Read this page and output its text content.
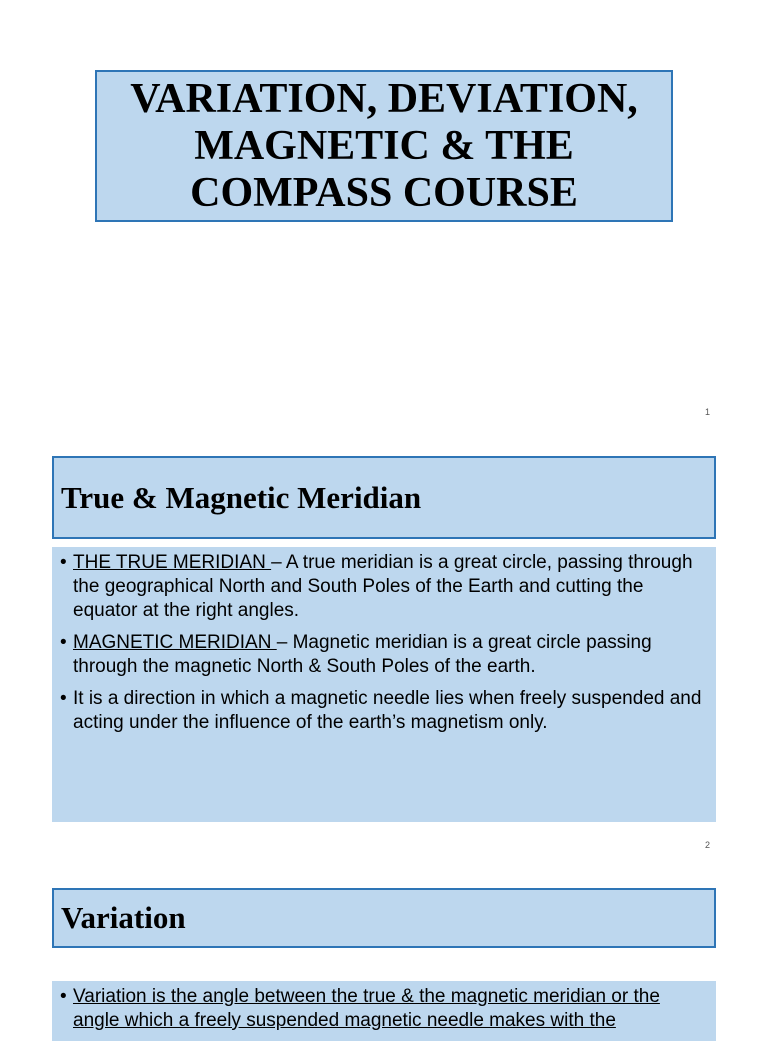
VARIATION, DEVIATION,
MAGNETIC & THE
COMPASS COURSE
1
True & Magnetic Meridian
• THE TRUE MERIDIAN – A true meridian is a great circle, passing through the geographical North and South Poles of the Earth and cutting the equator at the right angles.
• MAGNETIC MERIDIAN – Magnetic meridian is a great circle passing through the magnetic North & South Poles of the earth.
• It is a direction in which a magnetic needle lies when freely suspended and acting under the influence of the earth’s magnetism only.
2
Variation
• Variation is the angle between the true & the magnetic meridian or the angle which a freely suspended magnetic needle makes with the
